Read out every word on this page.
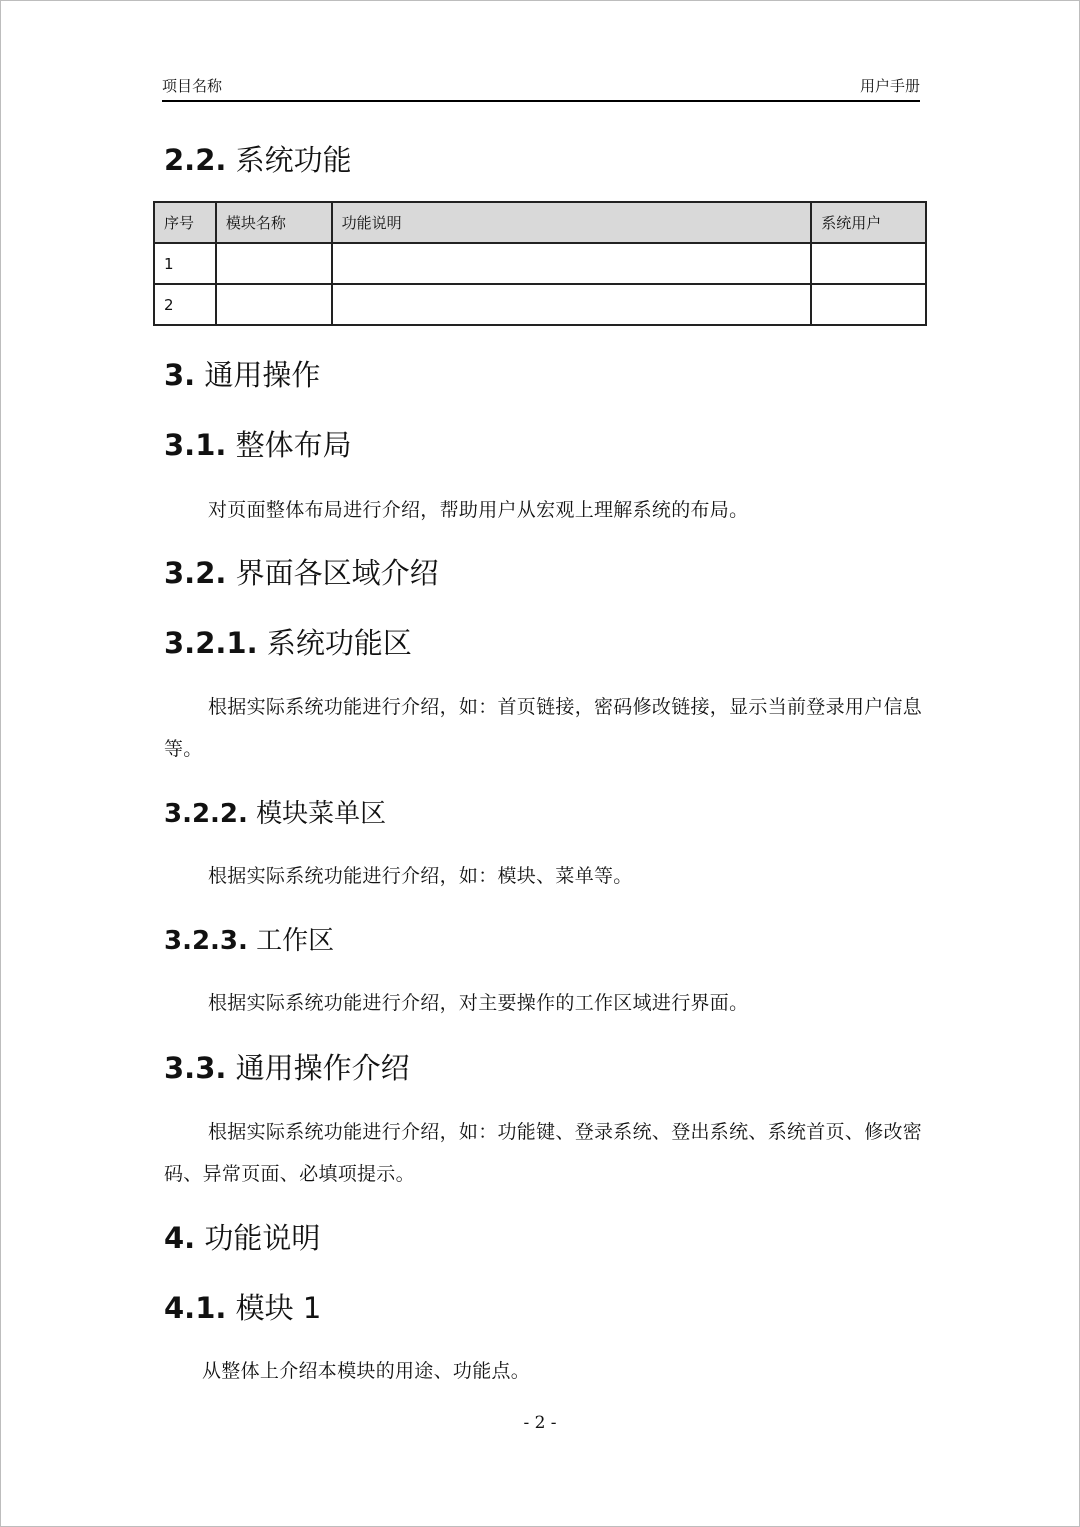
项目名称	用户手册
2.2. 系统功能
序号	模块名称	功能说明	系统用户
1			
2			
3. 通用操作
3.1. 整体布局
对页面整体布局进行介绍，帮助用户从宏观上理解系统的布局。
3.2. 界面各区域介绍
3.2.1. 系统功能区
根据实际系统功能进行介绍，如：首页链接，密码修改链接，显示当前登录用户信息等。
3.2.2. 模块菜单区
根据实际系统功能进行介绍，如：模块、菜单等。
3.2.3. 工作区
根据实际系统功能进行介绍，对主要操作的工作区域进行界面。
3.3. 通用操作介绍
根据实际系统功能进行介绍，如：功能键、登录系统、登出系统、系统首页、修改密码、异常页面、必填项提示。
4. 功能说明
4.1. 模块 1
从整体上介绍本模块的用途、功能点。
- 2 -
